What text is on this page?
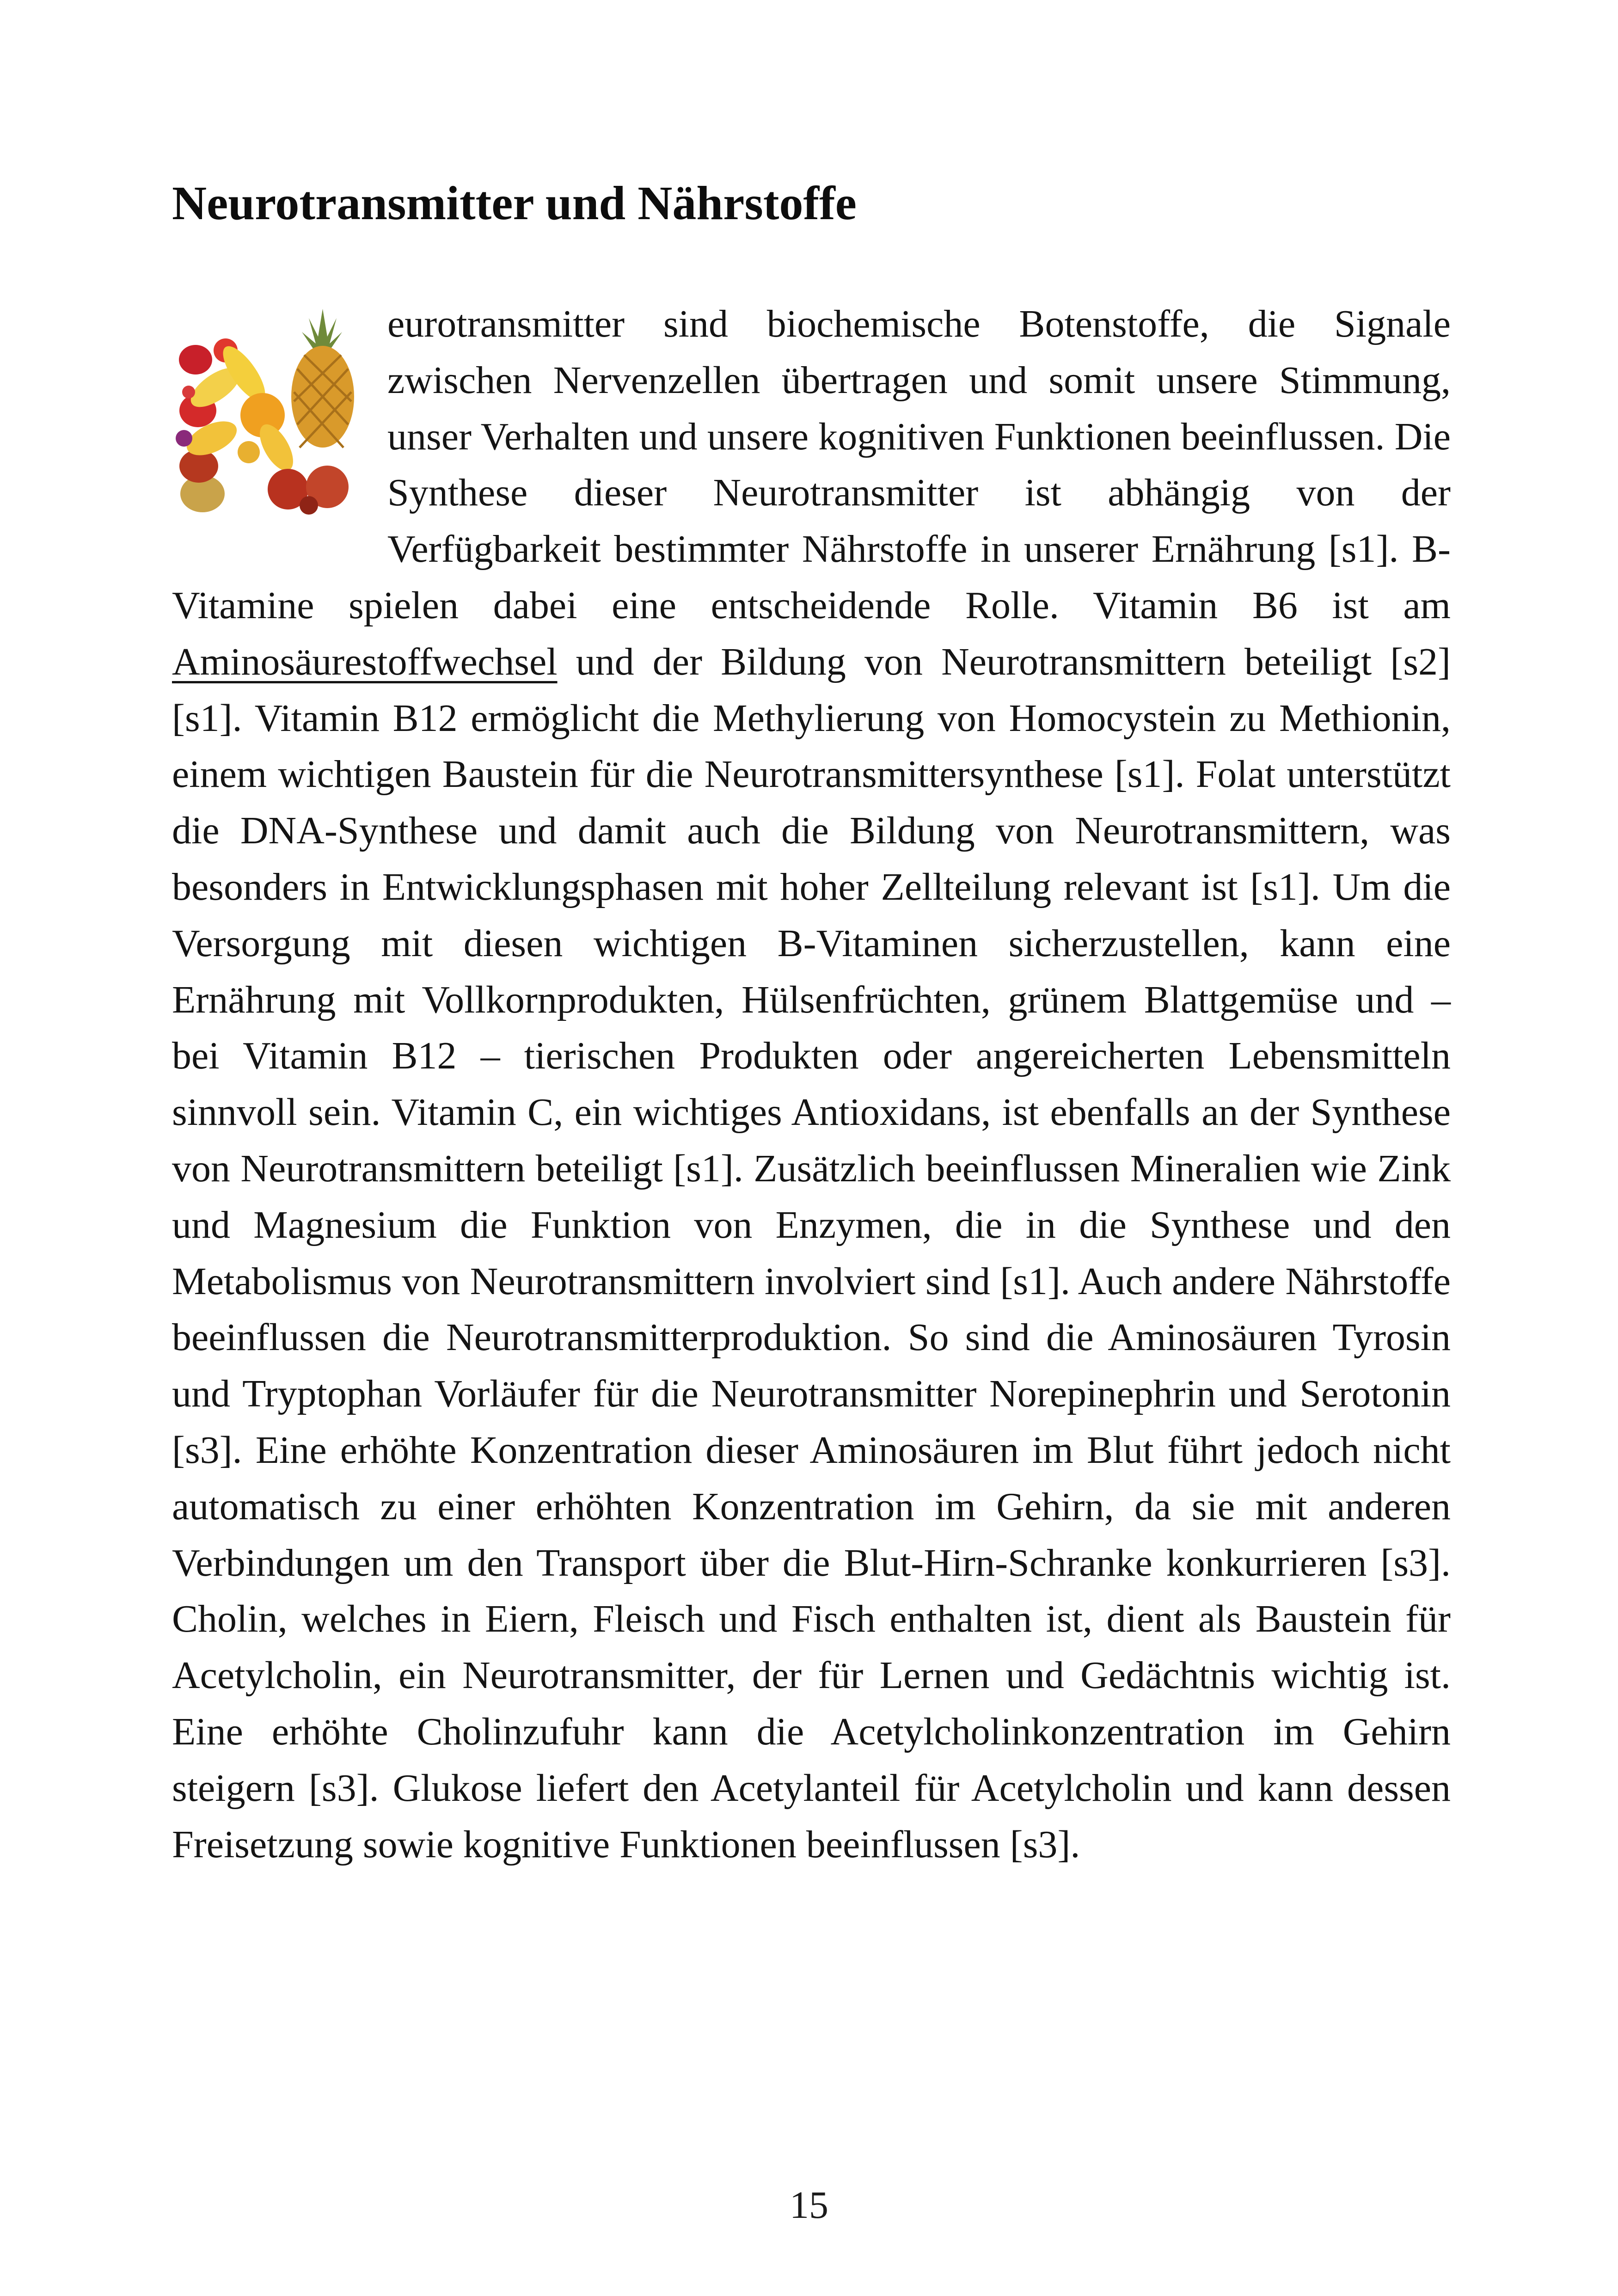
Neurotransmitter und Nährstoffe
eurotransmitter sind biochemische Botenstoffe, die Signale zwischen Nervenzellen übertragen und somit unsere Stimmung, unser Verhalten und unsere kognitiven Funktionen beeinflussen. Die Synthese dieser Neurotransmitter ist abhängig von der Verfügbarkeit bestimmter Nährstoffe in unserer Ernährung [s1]. B-Vitamine spielen dabei eine entscheidende Rolle. Vitamin B6 ist am Aminosäurestoffwechsel und der Bildung von Neurotransmittern beteiligt [s2] [s1]. Vitamin B12 ermöglicht die Methylierung von Homocystein zu Methionin, einem wichtigen Baustein für die Neurotransmittersynthese [s1]. Folat unterstützt die DNA-Synthese und damit auch die Bildung von Neurotransmittern, was besonders in Entwicklungsphasen mit hoher Zellteilung relevant ist [s1]. Um die Versorgung mit diesen wichtigen B-Vitaminen sicherzustellen, kann eine Ernährung mit Vollkornprodukten, Hülsenfrüchten, grünem Blattgemüse und – bei Vitamin B12 – tierischen Produkten oder angereicherten Lebensmitteln sinnvoll sein. Vitamin C, ein wichtiges Antioxidans, ist ebenfalls an der Synthese von Neurotransmittern beteiligt [s1]. Zusätzlich beeinflussen Mineralien wie Zink und Magnesium die Funktion von Enzymen, die in die Synthese und den Metabolismus von Neurotransmittern involviert sind [s1]. Auch andere Nährstoffe beeinflussen die Neurotransmitterproduktion. So sind die Aminosäuren Tyrosin und Tryptophan Vorläufer für die Neurotransmitter Norepinephrin und Serotonin [s3]. Eine erhöhte Konzentration dieser Aminosäuren im Blut führt jedoch nicht automatisch zu einer erhöhten Konzentration im Gehirn, da sie mit anderen Verbindungen um den Transport über die Blut-Hirn-Schranke konkurrieren [s3]. Cholin, welches in Eiern, Fleisch und Fisch enthalten ist, dient als Baustein für Acetylcholin, ein Neurotransmitter, der für Lernen und Gedächtnis wichtig ist. Eine erhöhte Cholinzufuhr kann die Acetylcholinkonzentration im Gehirn steigern [s3]. Glukose liefert den Acetylanteil für Acetylcholin und kann dessen Freisetzung sowie kognitive Funktionen beeinflussen [s3].
15
